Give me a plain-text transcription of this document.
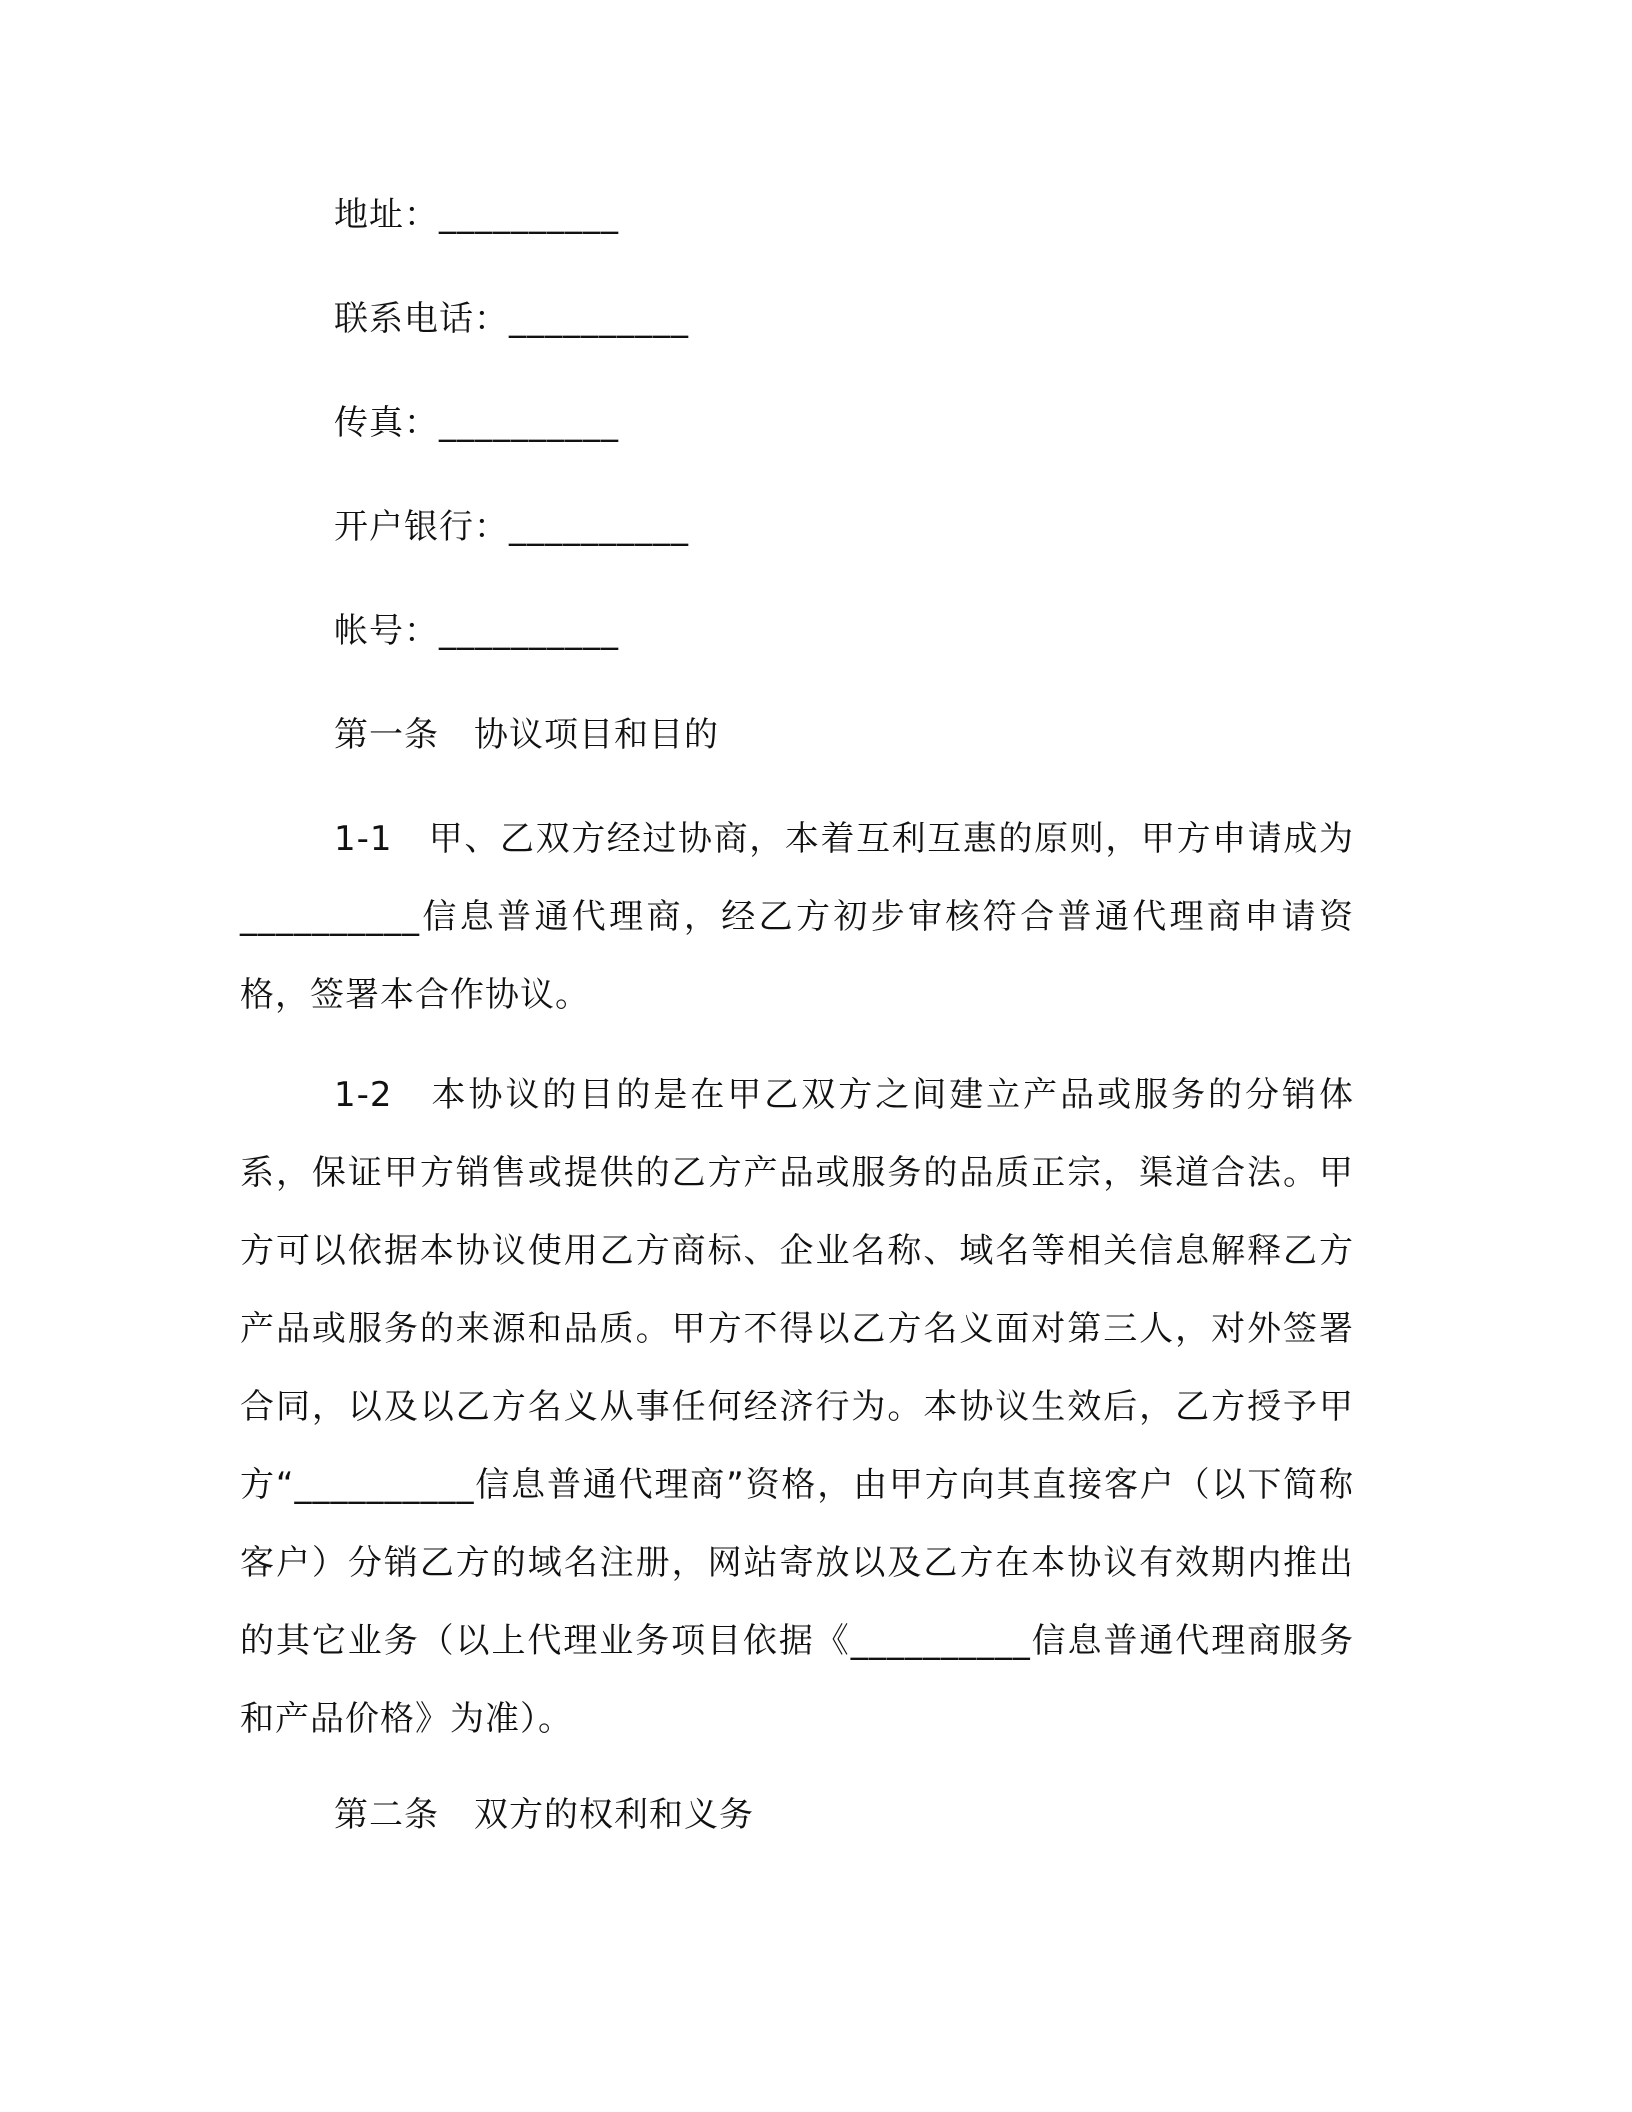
地址：__________
联系电话：__________
传真：__________
开户银行：__________
帐号：__________
第一条　协议项目和目的

1-1　甲、乙双方经过协商，本着互利互惠的原则，甲方申请成为__________信息普通代理商，经乙方初步审核符合普通代理商申请资格，签署本合作协议。

1-2　本协议的目的是在甲乙双方之间建立产品或服务的分销体系，保证甲方销售或提供的乙方产品或服务的品质正宗，渠道合法。甲方可以依据本协议使用乙方商标、企业名称、域名等相关信息解释乙方产品或服务的来源和品质。甲方不得以乙方名义面对第三人，对外签署合同，以及以乙方名义从事任何经济行为。本协议生效后，乙方授予甲方“__________信息普通代理商”资格，由甲方向其直接客户（以下简称客户）分销乙方的域名注册，网站寄放以及乙方在本协议有效期内推出的其它业务（以上代理业务项目依据《__________信息普通代理商服务和产品价格》为准）。

第二条　双方的权利和义务
